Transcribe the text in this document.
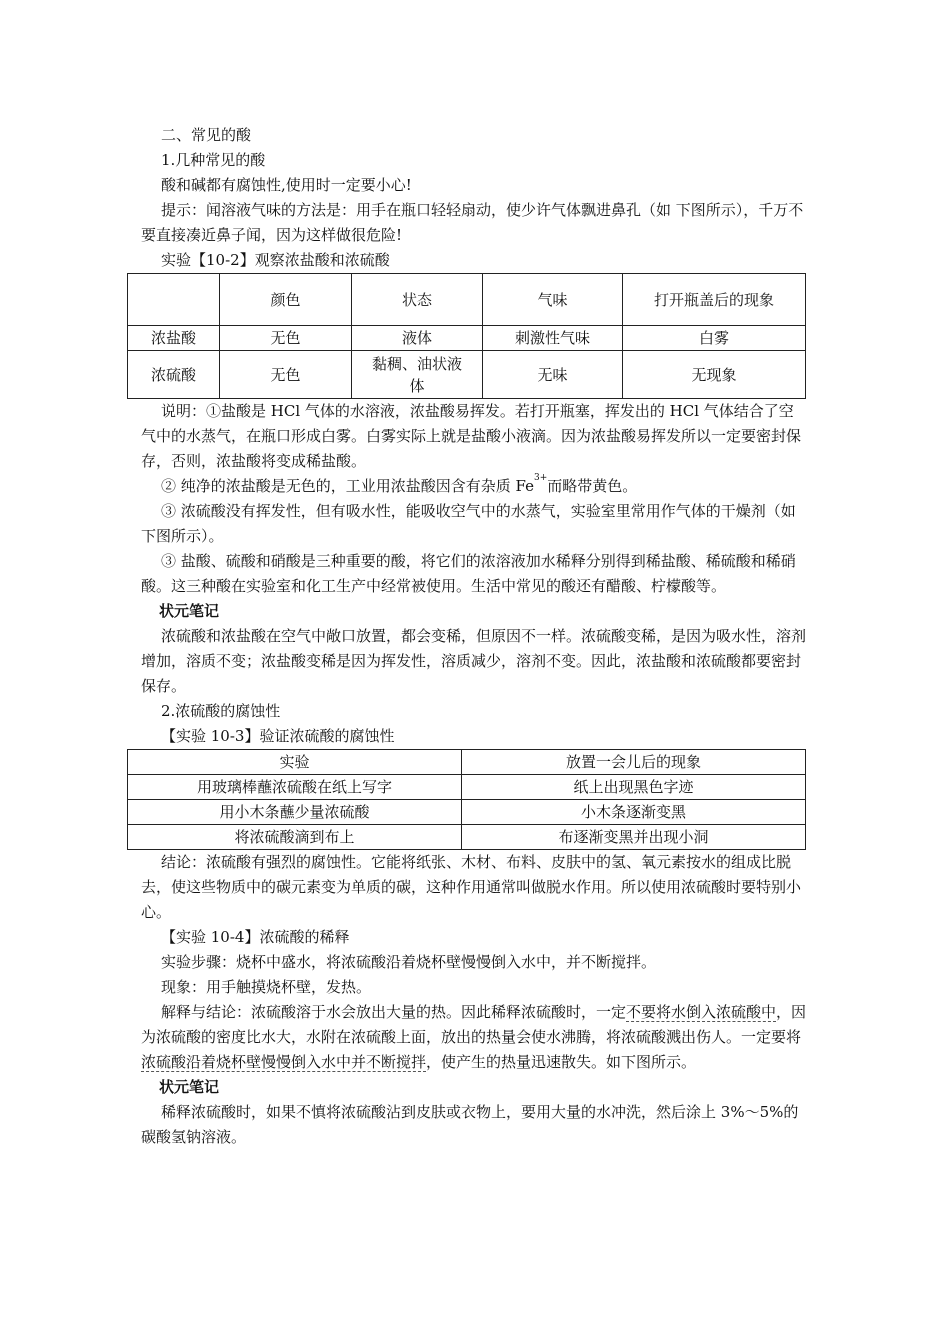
二、常见的酸

1.几种常见的酸

酸和碱都有腐蚀性,使用时一定要小心!

提示：闻溶液气味的方法是：用手在瓶口轻轻扇动，使少许气体飘进鼻孔（如 下图所示），千万不要直接凑近鼻子闻，因为这样做很危险!

实验【10-2】观察浓盐酸和浓硫酸

	颜色	状态	气味	打开瓶盖后的现象
浓盐酸	无色	液体	刺激性气味	白雾
浓硫酸	无色	黏稠、油状液体	无味	无现象

说明：①盐酸是 HCl 气体的水溶液，浓盐酸易挥发。若打开瓶塞，挥发出的 HCl 气体结合了空气中的水蒸气，在瓶口形成白雾。白雾实际上就是盐酸小液滴。因为浓盐酸易挥发所以一定要密封保存，否则，浓盐酸将变成稀盐酸。

② 纯净的浓盐酸是无色的，工业用浓盐酸因含有杂质 $Fe^{3+}$而略带黄色。

③ 浓硫酸没有挥发性，但有吸水性，能吸收空气中的水蒸气，实验室里常用作气体的干燥剂（如下图所示）。

③ 盐酸、硫酸和硝酸是三种重要的酸，将它们的浓溶液加水稀释分别得到稀盐酸、稀硫酸和稀硝酸。这三种酸在实验室和化工生产中经常被使用。生活中常见的酸还有醋酸、柠檬酸等。

状元笔记

浓硫酸和浓盐酸在空气中敞口放置，都会变稀，但原因不一样。浓硫酸变稀，是因为吸水性，溶剂增加，溶质不变；浓盐酸变稀是因为挥发性，溶质减少，溶剂不变。因此，浓盐酸和浓硫酸都要密封保存。

2.浓硫酸的腐蚀性

【实验 10-3】验证浓硫酸的腐蚀性

实验	放置一会儿后的现象
用玻璃棒蘸浓硫酸在纸上写字	纸上出现黑色字迹
用小木条蘸少量浓硫酸	小木条逐渐变黑
将浓硫酸滴到布上	布逐渐变黑并出现小洞

结论：浓硫酸有强烈的腐蚀性。它能将纸张、木材、布料、皮肤中的氢、氧元素按水的组成比脱去，使这些物质中的碳元素变为单质的碳，这种作用通常叫做脱水作用。所以使用浓硫酸时要特别小心。

【实验 10-4】浓硫酸的稀释

实验步骤：烧杯中盛水，将浓硫酸沿着烧杯壁慢慢倒入水中，并不断搅拌。

现象：用手触摸烧杯壁，发热。

解释与结论：浓硫酸溶于水会放出大量的热。因此稀释浓硫酸时，一定不要将水倒入浓硫酸中，因为浓硫酸的密度比水大，水附在浓硫酸上面，放出的热量会使水沸腾，将浓硫酸溅出伤人。一定要将浓硫酸沿着烧杯壁慢慢倒入水中并不断搅拌，使产生的热量迅速散失。如下图所示。

状元笔记

稀释浓硫酸时，如果不慎将浓硫酸沾到皮肤或衣物上，要用大量的水冲洗，然后涂上 3%～5%的碳酸氢钠溶液。
